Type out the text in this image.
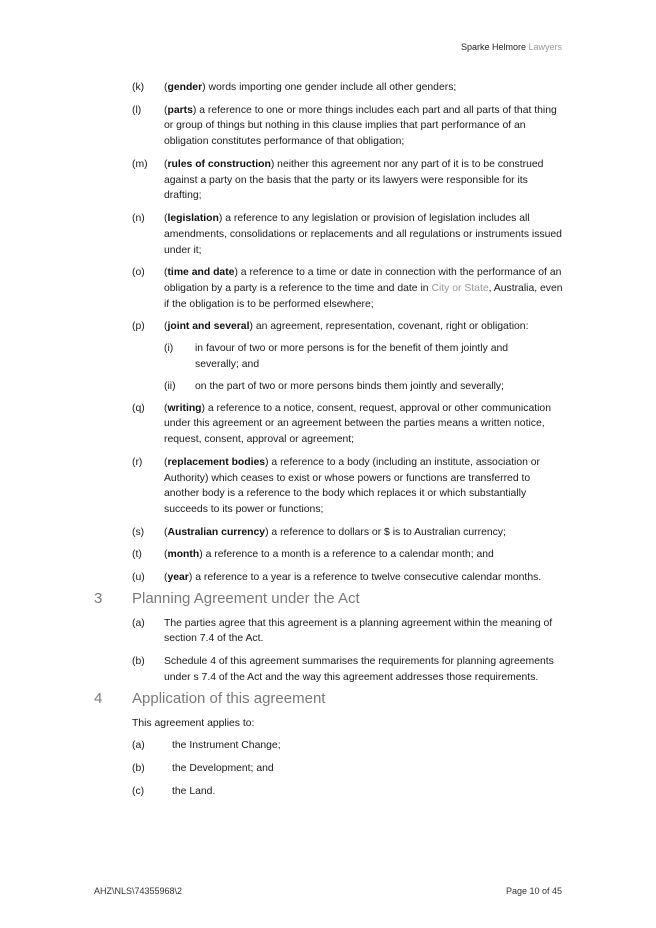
Sparke Helmore Lawyers
(k) (gender) words importing one gender include all other genders;
(l) (parts) a reference to one or more things includes each part and all parts of that thing or group of things but nothing in this clause implies that part performance of an obligation constitutes performance of that obligation;
(m) (rules of construction) neither this agreement nor any part of it is to be construed against a party on the basis that the party or its lawyers were responsible for its drafting;
(n) (legislation) a reference to any legislation or provision of legislation includes all amendments, consolidations or replacements and all regulations or instruments issued under it;
(o) (time and date) a reference to a time or date in connection with the performance of an obligation by a party is a reference to the time and date in City or State, Australia, even if the obligation is to be performed elsewhere;
(p) (joint and several) an agreement, representation, covenant, right or obligation:
(i) in favour of two or more persons is for the benefit of them jointly and severally; and
(ii) on the part of two or more persons binds them jointly and severally;
(q) (writing) a reference to a notice, consent, request, approval or other communication under this agreement or an agreement between the parties means a written notice, request, consent, approval or agreement;
(r) (replacement bodies) a reference to a body (including an institute, association or Authority) which ceases to exist or whose powers or functions are transferred to another body is a reference to the body which replaces it or which substantially succeeds to its power or functions;
(s) (Australian currency) a reference to dollars or $ is to Australian currency;
(t) (month) a reference to a month is a reference to a calendar month; and
(u) (year) a reference to a year is a reference to twelve consecutive calendar months.
3 Planning Agreement under the Act
(a) The parties agree that this agreement is a planning agreement within the meaning of section 7.4 of the Act.
(b) Schedule 4 of this agreement summarises the requirements for planning agreements under s 7.4 of the Act and the way this agreement addresses those requirements.
4 Application of this agreement
This agreement applies to:
(a)	the Instrument Change;
(b)	the Development; and
(c)	the Land.
AHZ\NLS\74355968\2	Page 10 of 45
